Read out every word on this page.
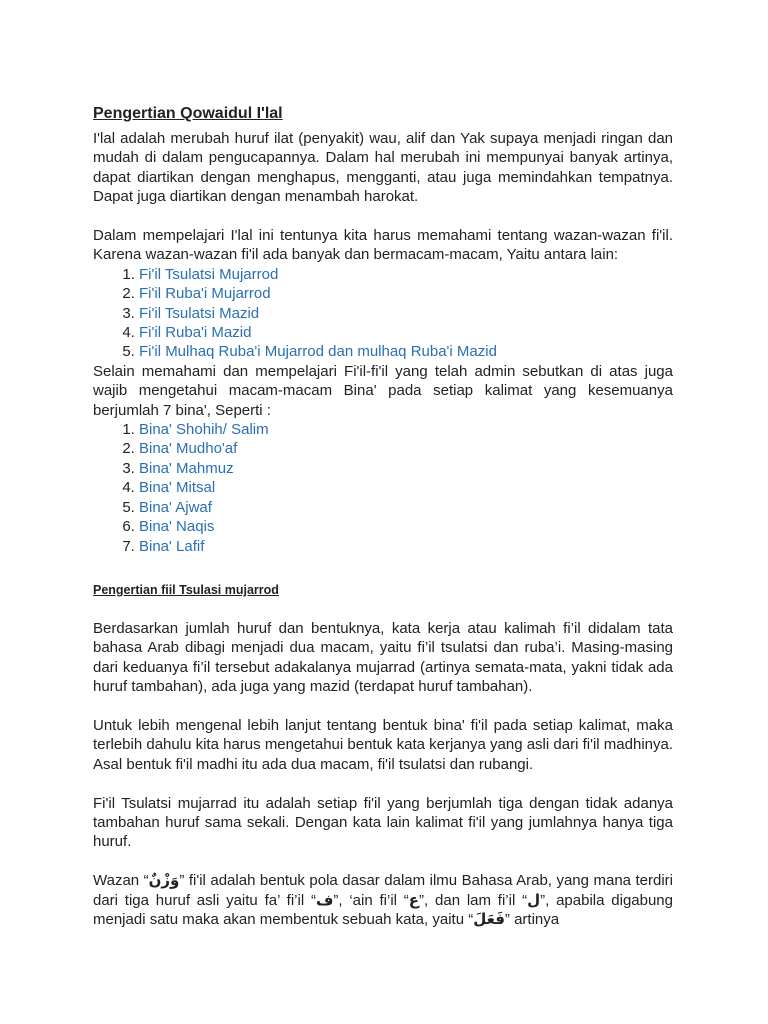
Pengertian Qowaidul I'lal

I'lal adalah merubah huruf ilat (penyakit) wau, alif dan Yak supaya menjadi ringan dan mudah di dalam pengucapannya. Dalam hal merubah ini mempunyai banyak artinya, dapat diartikan dengan menghapus, mengganti, atau juga memindahkan tempatnya. Dapat juga diartikan dengan menambah harokat.

Dalam mempelajari I'lal ini tentunya kita harus memahami tentang wazan-wazan fi'il. Karena wazan-wazan fi'il ada banyak dan bermacam-macam, Yaitu antara lain:

1. Fi'il Tsulatsi Mujarrod
2. Fi'il Ruba'i Mujarrod
3. Fi'il Tsulatsi Mazid
4. Fi'il Ruba'i Mazid
5. Fi'il Mulhaq Ruba'i Mujarrod dan mulhaq Ruba'i Mazid

Selain memahami dan mempelajari Fi'il-fi'il yang telah admin sebutkan di atas juga wajib mengetahui macam-macam Bina' pada setiap kalimat yang kesemuanya berjumlah 7 bina', Seperti :

1. Bina' Shohih/ Salim
2. Bina' Mudho'af
3. Bina' Mahmuz
4. Bina' Mitsal
5. Bina' Ajwaf
6. Bina' Naqis
7. Bina' Lafif
Pengertian fiil Tsulasi mujarrod

Berdasarkan jumlah huruf dan bentuknya, kata kerja atau kalimah fi’il didalam tata bahasa Arab dibagi menjadi dua macam, yaitu fi’il tsulatsi dan ruba’i. Masing-masing dari keduanya fi’il tersebut adakalanya mujarrad (artinya semata-mata, yakni tidak ada huruf tambahan), ada juga yang mazid (terdapat huruf tambahan).

Untuk lebih mengenal lebih lanjut tentang bentuk bina' fi'il pada setiap kalimat, maka terlebih dahulu kita harus mengetahui bentuk kata kerjanya yang asli dari fi'il madhinya. Asal bentuk fi'il madhi itu ada dua macam, fi'il tsulatsi dan rubangi.

Fi'il Tsulatsi mujarrad itu adalah setiap fi'il yang berjumlah tiga dengan tidak adanya tambahan huruf sama sekali. Dengan kata lain kalimat fi'il yang jumlahnya hanya tiga huruf.

Wazan “وَزْنٌ” fi'il adalah bentuk pola dasar dalam ilmu Bahasa Arab, yang mana terdiri dari tiga huruf asli yaitu fa’ fi’il “ف”, ‘ain fi’il “ع”, dan lam fi’il “ل”, apabila digabung menjadi satu maka akan membentuk sebuah kata, yaitu “فَعَلَ” artinya
